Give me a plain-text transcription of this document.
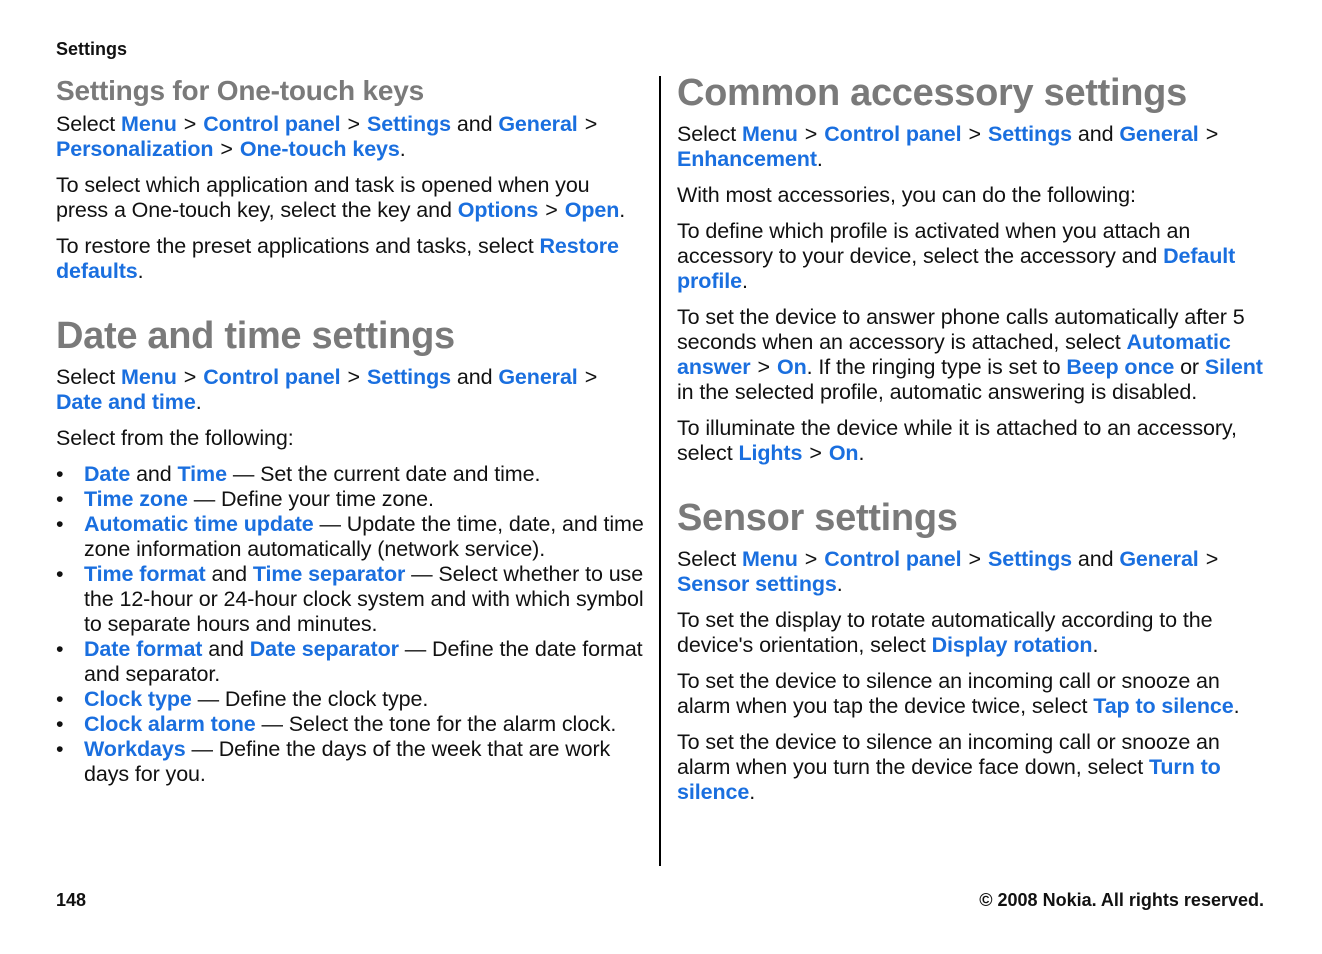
Settings
Settings for One-touch keys

Select Menu > Control panel > Settings and General >
Personalization > One-touch keys.

To select which application and task is opened when you press a One-touch key, select the key and Options > Open.

To restore the preset applications and tasks, select Restore defaults.

Date and time settings

Select Menu > Control panel > Settings and General >
Date and time.

Select from the following:

• Date and Time — Set the current date and time.
• Time zone — Define your time zone.
• Automatic time update — Update the time, date, and time zone information automatically (network service).
• Time format and Time separator — Select whether to use the 12-hour or 24-hour clock system and with which symbol to separate hours and minutes.
• Date format and Date separator — Define the date format and separator.
• Clock type — Define the clock type.
• Clock alarm tone — Select the tone for the alarm clock.
• Workdays — Define the days of the week that are work days for you.
Common accessory settings

Select Menu > Control panel > Settings and General >
Enhancement.

With most accessories, you can do the following:

To define which profile is activated when you attach an accessory to your device, select the accessory and Default profile.

To set the device to answer phone calls automatically after 5 seconds when an accessory is attached, select Automatic answer > On. If the ringing type is set to Beep once or Silent in the selected profile, automatic answering is disabled.

To illuminate the device while it is attached to an accessory, select Lights > On.

Sensor settings

Select Menu > Control panel > Settings and General >
Sensor settings.

To set the display to rotate automatically according to the device's orientation, select Display rotation.

To set the device to silence an incoming call or snooze an alarm when you tap the device twice, select Tap to silence.

To set the device to silence an incoming call or snooze an alarm when you turn the device face down, select Turn to silence.

148	© 2008 Nokia. All rights reserved.
